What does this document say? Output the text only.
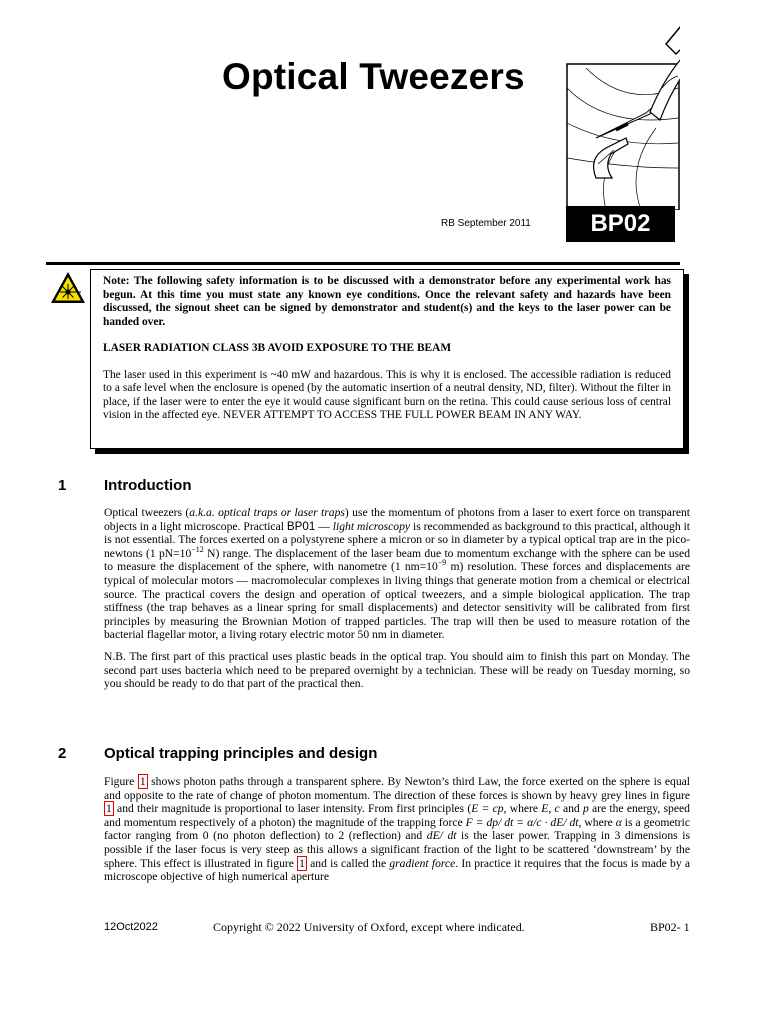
Optical Tweezers
RB September 2011	BP02

Note: The following safety information is to be discussed with a demonstrator before any experimental work has begun. At this time you must state any known eye conditions. Once the relevant safety and hazards have been discussed, the signout sheet can be signed by demonstrator and student(s) and the keys to the laser power can be handed over.

LASER RADIATION CLASS 3B AVOID EXPOSURE TO THE BEAM

The laser used in this experiment is ~40 mW and hazardous. This is why it is enclosed. The accessible radiation is reduced to a safe level when the enclosure is opened (by the automatic insertion of a neutral density, ND, filter). Without the filter in place, if the laser were to enter the eye it would cause significant burn on the retina. This could cause serious loss of central vision in the affected eye. NEVER ATTEMPT TO ACCESS THE FULL POWER BEAM IN ANY WAY.

1	Introduction

Optical tweezers (a.k.a. optical traps or laser traps) use the momentum of photons from a laser to exert force on transparent objects in a light microscope. Practical BP01 — light microscopy is recommended as background to this practical, although it is not essential. The forces exerted on a polystyrene sphere a micron or so in diameter by a typical optical trap are in the pico-newtons (1 $pN=10^{-12}$ N) range. The displacement of the laser beam due to momentum exchange with the sphere can be used to measure the displacement of the sphere, with nanometre (1 $nm=10^{-9}$ m) resolution. These forces and displacements are typical of molecular motors — macromolecular complexes in living things that generate motion from a chemical or electrical source. The practical covers the design and operation of optical tweezers, and a simple biological application. The trap stiffness (the trap behaves as a linear spring for small displacements) and detector sensitivity will be calibrated from first principles by measuring the Brownian Motion of trapped particles. The trap will then be used to measure rotation of the bacterial flagellar motor, a living rotary electric motor 50 nm in diameter.

N.B. The first part of this practical uses plastic beads in the optical trap. You should aim to finish this part on Monday. The second part uses bacteria which need to be prepared overnight by a technician. These will be ready on Tuesday morning, so you should be ready to do that part of the practical then.

2	Optical trapping principles and design

Figure 1 shows photon paths through a transparent sphere. By Newton’s third Law, the force exerted on the sphere is equal and opposite to the rate of change of photon momentum. The direction of these forces is shown by heavy grey lines in figure 1 and their magnitude is proportional to laser intensity. From first principles (E = cp, where E, c and p are the energy, speed and momentum respectively of a photon) the magnitude of the trapping force F = dp/ dt = α/c · dE/ dt, where α is a geometric factor ranging from 0 (no photon deflection) to 2 (reflection) and dE/ dt is the laser power. Trapping in 3 dimensions is possible if the laser focus is very steep as this allows a significant fraction of the light to be scattered ‘downstream’ by the sphere. This effect is illustrated in figure 1 and is called the gradient force. In practice it requires that the focus is made by a microscope objective of high numerical aperture

12Oct2022	Copyright © 2022 University of Oxford, except where indicated.	BP02- 1
